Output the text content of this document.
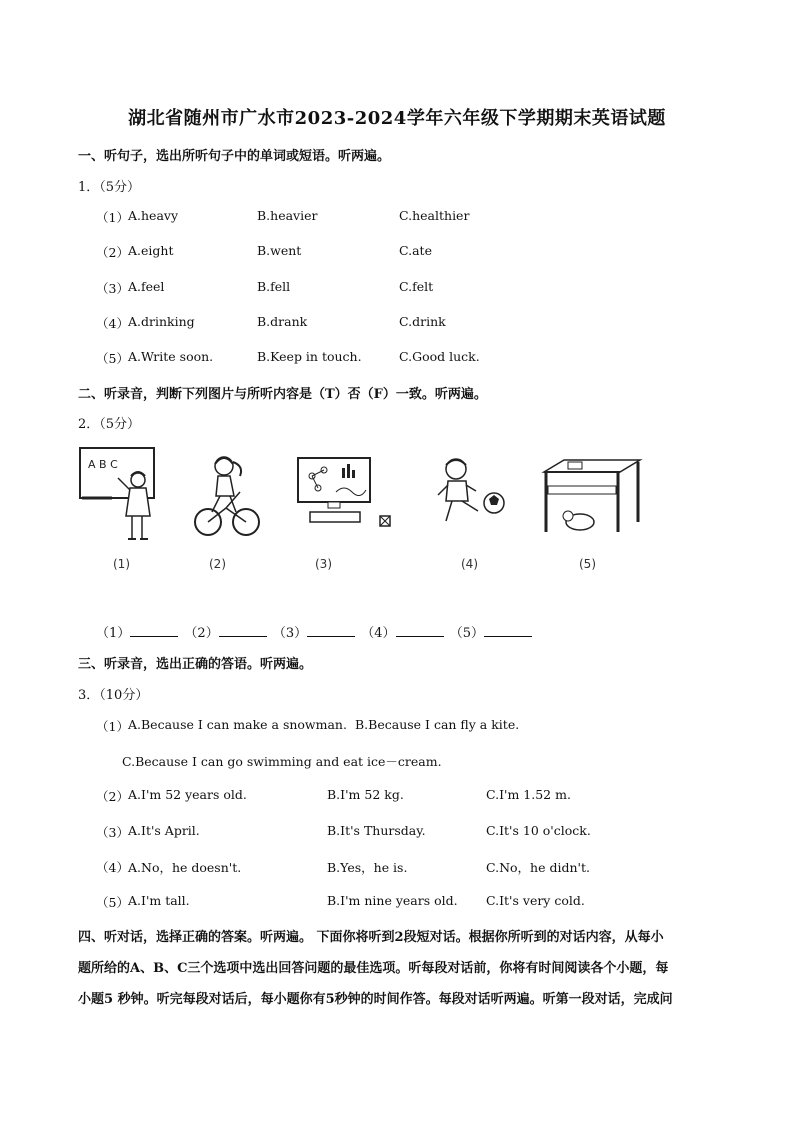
湖北省随州市广水市2023-2024学年六年级下学期期末英语试题
一、听句子，选出所听句子中的单词或短语。听两遍。
1．（5分）
（1） A.heavy	B.heavier	C.healthier
（2） A.eight	B.went	C.ate
（3） A.feel	B.fell	C.felt
（4） A.drinking	B.drank	C.drink
（5） A.Write soon.	B.Keep in touch.	C.Good luck.
二、听录音，判断下列图片与所听内容是（T）否（F）一致。听两遍。
2．（5分）
A B C
(1)	(2)	(3)	(4)	(5)
（1）	（2）	（3）	（4）	（5）
三、听录音，选出正确的答语。听两遍。
3．（10分）
（1） A.Because I can make a snowman. B.Because I can fly a kite.
C.Because I can go swimming and eat ice－cream.
（2） A.I'm 52 years old.	B.I'm 52 kg.	C.I'm 1.52 m.
（3） A.It's April.	B.It's Thursday.	C.It's 10 o'clock.
（4） A.No，he doesn't.	B.Yes，he is.	C.No，he didn't.
（5） A.I'm tall.	B.I'm nine years old. C.It's very cold.
四、听对话，选择正确的答案。听两遍。 下面你将听到2段短对话。根据你所听到的对话内容，从每小
题所给的A、B、C三个选项中选出回答问题的最佳选项。听每段对话前，你将有时间阅读各个小题，每
小题5 秒钟。听完每段对话后，每小题你有5秒钟的时间作答。每段对话听两遍。听第一段对话，完成问
